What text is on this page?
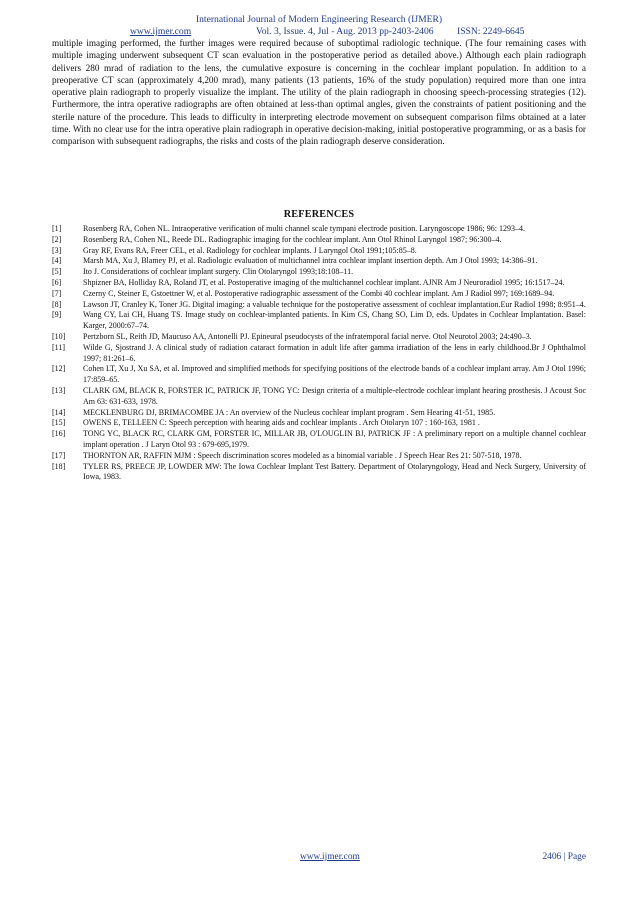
International Journal of Modern Engineering Research (IJMER)
www.ijmer.com	Vol. 3, Issue. 4, Jul - Aug. 2013 pp-2403-2406 ISSN: 2249-6645
multiple imaging performed, the further images were required because of suboptimal radiologic technique. (The four remaining cases with multiple imaging underwent subsequent CT scan evaluation in the postoperative period as detailed above.) Although each plain radiograph delivers 280 mrad of radiation to the lens, the cumulative exposure is concerning in the cochlear implant population. In addition to a preoperative CT scan (approximately 4,200 mrad), many patients (13 patients, 16% of the study population) required more than one intra operative plain radiograph to properly visualize the implant. The utility of the plain radiograph in choosing speech-processing strategies (12). Furthermore, the intra operative radiographs are often obtained at less-than optimal angles, given the constraints of patient positioning and the sterile nature of the procedure. This leads to difficulty in interpreting electrode movement on subsequent comparison films obtained at a later time. With no clear use for the intra operative plain radiograph in operative decision-making, initial postoperative programming, or as a basis for comparison with subsequent radiographs, the risks and costs of the plain radiograph deserve consideration.
REFERENCES
[1]	Rosenberg RA, Cohen NL. Intraoperative verification of multi channel scale tympani electrode position. Laryngoscope 1986; 96: 1293–4.
[2]	Rosenberg RA, Cohen NL, Reede DL. Radiographic imaging for the cochlear implant. Ann Otol Rhinol Laryngol 1987; 96:300–4.
[3]	Gray RF, Evans RA, Freer CEL, et al. Radiology for cochlear implants. J Laryngol Otol 1991;105:85–8.
[4]	Marsh MA, Xu J, Blamey PJ, et al. Radiologic evaluation of multichannel intra cochlear implant insertion depth. Am J Otol 1993; 14:386–91.
[5]	Ito J. Considerations of cochlear implant surgery. Clin Otolaryngol 1993;18:108–11.
[6]	Shpizner BA, Holliday RA, Roland JT, et al. Postoperative imaging of the multichannel cochlear implant. AJNR Am J Neuroradiol 1995; 16:1517–24.
[7]	Czerny C, Steiner E, Gstoettner W, et al. Postoperative radiographic assessment of the Combi 40 cochlear implant. Am J Radiol 997; 169:1689–94.
[8]	Lawson JT, Cranley K, Toner JG. Digital imaging: a valuable technique for the postoperative assessment of cochlear implantation.Eur Radiol 1998; 8:951–4.
[9]	Wang CY, Lai CH, Huang TS. Image study on cochlear-implanted patients. In Kim CS, Chang SO, Lim D, eds. Updates in Cochlear Implantation. Basel: Karger, 2000:67–74.
[10]	Pertzborn SL, Reith JD, Maucuso AA, Antonelli PJ. Epineural pseudocysts of the infratemporal facial nerve. Otol Neurotol 2003; 24:490–3.
[11]	Wilde G, Sjostrand J. A clinical study of radiation cataract formation in adult life after gamma irradiation of the lens in early childhood.Br J Ophthalmol 1997; 81:261–6.
[12]	Cohen LT, Xu J, Xu SA, et al. Improved and simplified methods for specifying positions of the electrode bands of a cochlear implant array. Am J Otol 1996; 17:859–65.
[13]	CLARK GM, BLACK R, FORSTER IC, PATRICK JF, TONG YC: Design criteria of a multiple-electrode cochlear implant hearing prosthesis. J Acoust Soc Am 63: 631-633, 1978.
[14]	MECKLENBURG DJ, BRIMACOMBE JA : An overview of the Nucleus cochlear implant program . Sem Hearing 41-51, 1985.
[15]	OWENS E, TELLEEN C: Speech perception with hearing aids and cochlear implants . Arch Otolaryn 107 : 160-163, 1981 .
[16]	TONG YC, BLACK RC, CLARK GM, FORSTER IC, MILLAR JB, O'LOUGLIN BJ, PATRICK JF : A preliminary report on a multiple channel cochlear implant operation . J Laryn Otol 93 : 679-695,1979.
[17]	THORNTON AR, RAFFIN MJM : Speech discrimination scores modeled as a binomial variable . J Speech Hear Res 21: 507-518, 1978.
[18]	TYLER RS, PREECE JP, LOWDER MW: The Iowa Cochlear Implant Test Battery. Department of Otolaryngology, Head and Neck Surgery, University of Iowa, 1983.
www.ijmer.com	2406 | Page
